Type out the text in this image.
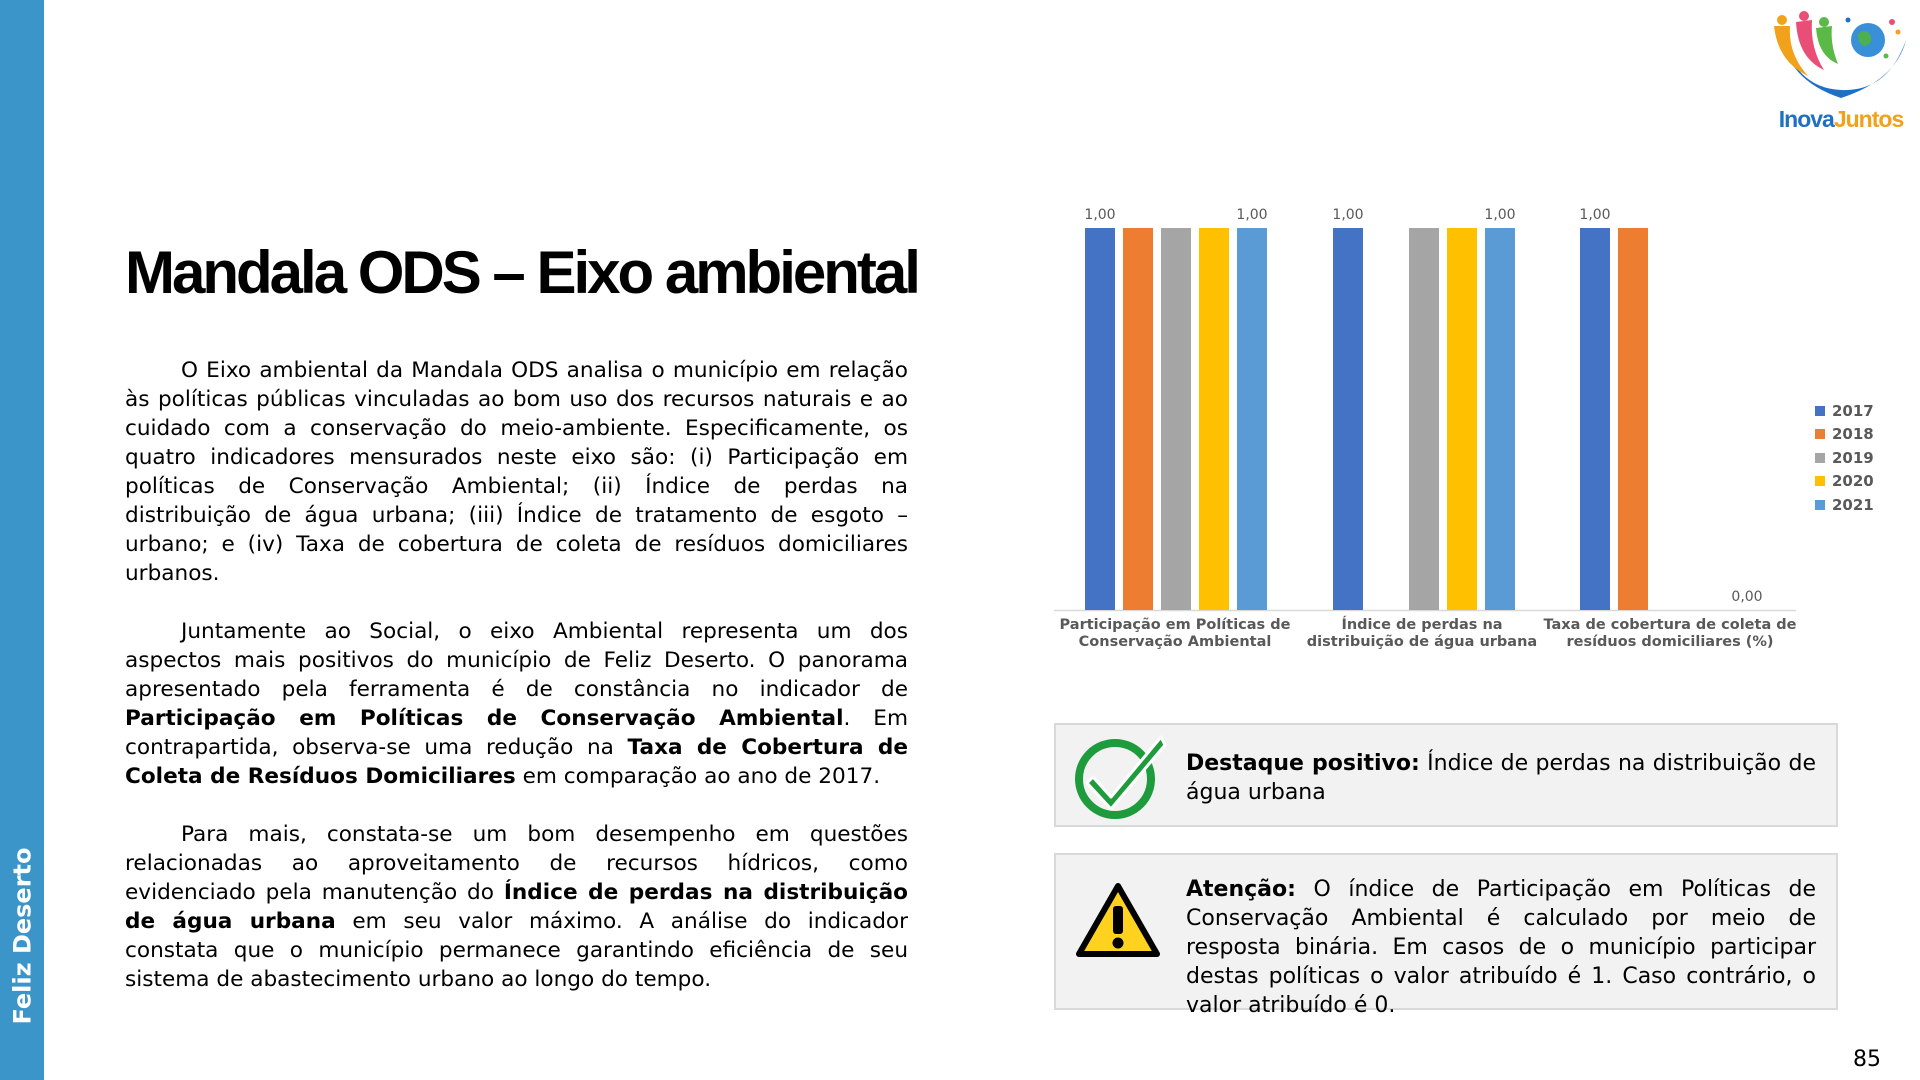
Feliz Deserto
InovaJuntos
Mandala ODS – Eixo ambiental

O Eixo ambiental da Mandala ODS analisa o município em relação às políticas públicas vinculadas ao bom uso dos recursos naturais e ao cuidado com a conservação do meio-ambiente. Especificamente, os quatro indicadores mensurados neste eixo são: (i) Participação em políticas de Conservação Ambiental; (ii) Índice de perdas na distribuição de água urbana; (iii) Índice de tratamento de esgoto – urbano; e (iv) Taxa de cobertura de coleta de resíduos domiciliares urbanos.

Juntamente ao Social, o eixo Ambiental representa um dos aspectos mais positivos do município de Feliz Deserto. O panorama apresentado pela ferramenta é de constância no indicador de Participação em Políticas de Conservação Ambiental. Em contrapartida, observa-se uma redução na Taxa de Cobertura de Coleta de Resíduos Domiciliares em comparação ao ano de 2017.

Para mais, constata-se um bom desempenho em questões relacionadas ao aproveitamento de recursos hídricos, como evidenciado pela manutenção do Índice de perdas na distribuição de água urbana em seu valor máximo. A análise do indicador constata que o município permanece garantindo eficiência de seu sistema de abastecimento urbano ao longo do tempo.

1,00	1,00	1,00
1,00	1,00
0,00
Participação em Políticas de
Conservação Ambiental
Índice de perdas na
distribuição de água urbana
Taxa de cobertura de coleta de
resíduos domiciliares (%)
2017
2018
2019
2020
2021
Destaque positivo: Índice de perdas na distribuição de água urbana
Atenção: O índice de Participação em Políticas de Conservação Ambiental é calculado por meio de resposta binária. Em casos de o município participar destas políticas o valor atribuído é 1. Caso contrário, o valor atribuído é 0.
85
